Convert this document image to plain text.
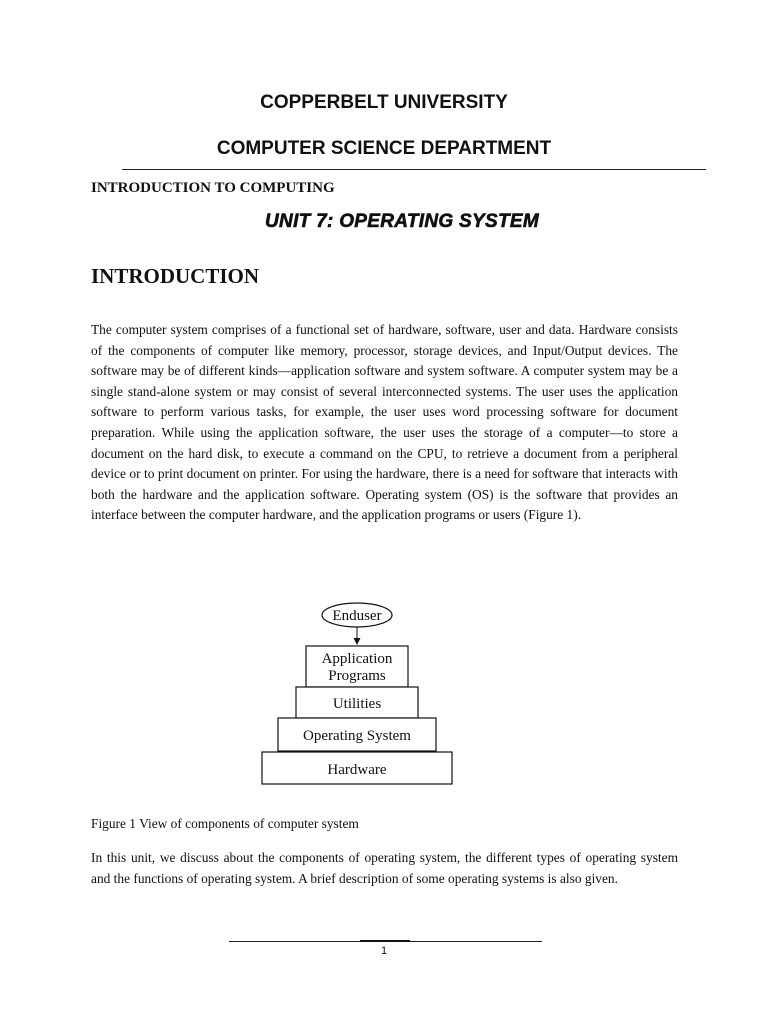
COPPERBELT UNIVERSITY
COMPUTER SCIENCE DEPARTMENT
INTRODUCTION TO COMPUTING
UNIT 7: OPERATING SYSTEM
INTRODUCTION

The computer system comprises of a functional set of hardware, software, user and data. Hardware consists of the components of computer like memory, processor, storage devices, and Input/Output devices. The software may be of different kinds—application software and system software. A computer system may be a single stand-alone system or may consist of several interconnected systems. The user uses the application software to perform various tasks, for example, the user uses word processing software for document preparation. While using the application software, the user uses the storage of a computer—to store a document on the hard disk, to execute a command on the CPU, to retrieve a document from a peripheral device or to print document on printer. For using the hardware, there is a need for software that interacts with both the hardware and the application software. Operating system (OS) is the software that provides an interface between the computer hardware, and the application programs or users (Figure 1).

Enduser
Application
Programs
Utilities
Operating System
Hardware
Figure 1 View of components of computer system

In this unit, we discuss about the components of operating system, the different types of operating system and the functions of operating system. A brief description of some operating systems is also given.

1
